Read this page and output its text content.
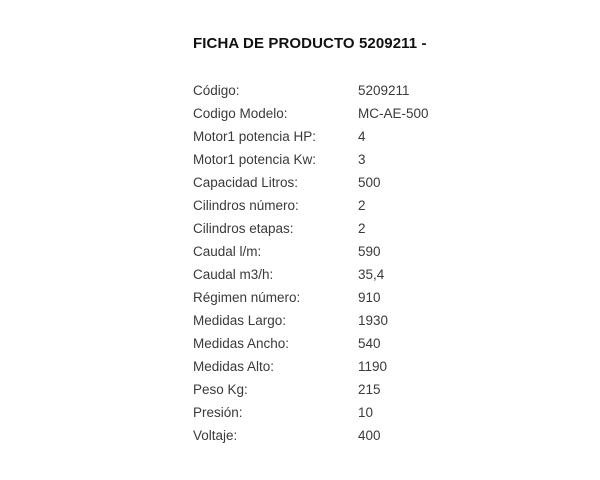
FICHA DE PRODUCTO 5209211 -
Código:	5209211
Codigo Modelo:	MC-AE-500
Motor1 potencia HP:	4
Motor1 potencia Kw:	3
Capacidad Litros:	500
Cilindros número:	2
Cilindros etapas:	2
Caudal l/m:	590
Caudal m3/h:	35,4
Régimen número:	910
Medidas Largo:	1930
Medidas Ancho:	540
Medidas Alto:	1190
Peso Kg:	215
Presión:	10
Voltaje:	400
